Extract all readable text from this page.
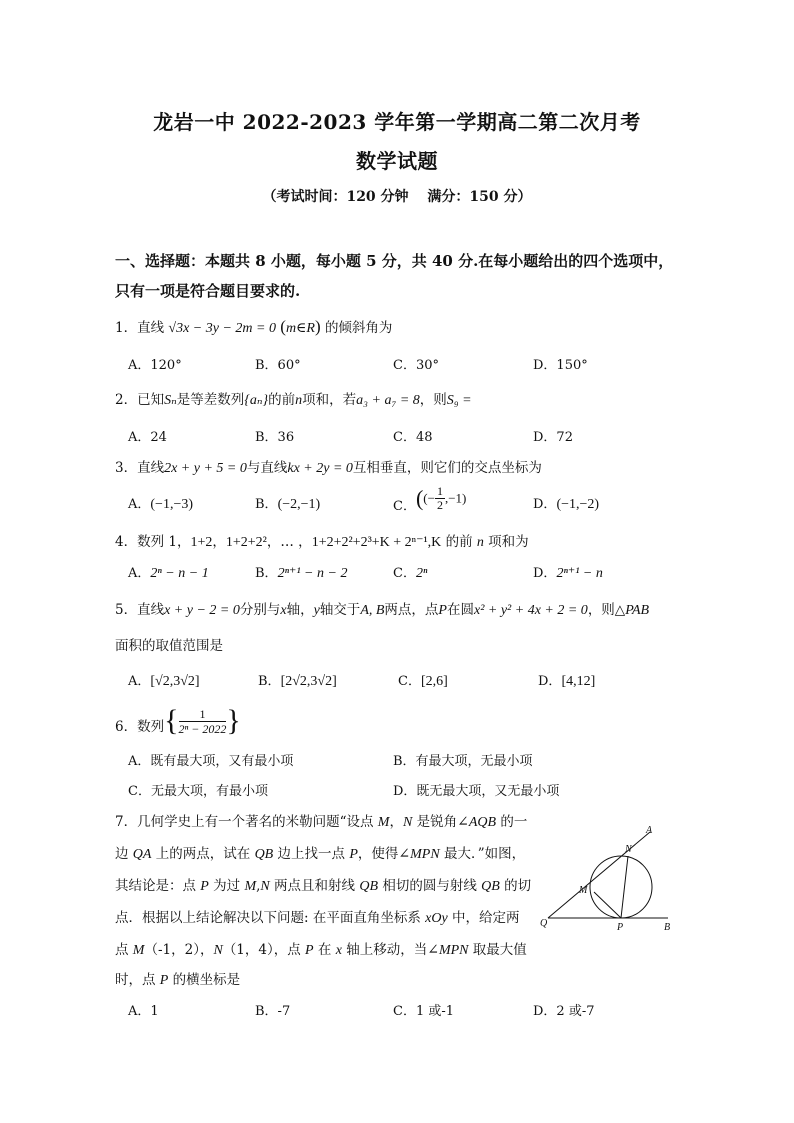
龙岩一中 2022-2023 学年第一学期高二第二次月考
数学试题
（考试时间：120 分钟　 满分：150 分）
一、选择题：本题共 8 小题，每小题 5 分，共 40 分.在每小题给出的四个选项中，
只有一项是符合题目要求的.
1．直线 √3x − 3y − 2m = 0 (m∈R) 的倾斜角为
A．120°	B．60°	C．30°	D．150°
2．已知Sₙ是等差数列{aₙ}的前n项和，若a₃ + a₇ = 8，则S₉ =
A．24	B．36	C．48	D．72
3．直线2x + y + 5 = 0与直线kx + 2y = 0互相垂直，则它们的交点坐标为
A．(−1,−3)	B．(−2,−1)	C．((− $\frac{1}{2} ,-1$)	D．(−1,−2)
4．数列 1，1+2，1+2+2²，… ，1+2+2²+2³+K + 2ⁿ⁻¹,K 的前 n 项和为
A．2ⁿ − n − 1	B．2ⁿ⁺¹ − n − 2	C．2ⁿ	D．2ⁿ⁺¹ − n
5．直线x + y − 2 = 0分别与x轴，y轴交于A, B两点，点P在圆x² + y² + 4x + 2 = 0，则△PAB
面积的取值范围是
A．[√2,3√2]	B．[2√2,3√2]	C．[2,6]	D．[4,12]
6．数列{ $\frac{1}{\text{2ⁿ − 2022}}$ }
A．既有最大项，又有最小项	B．有最大项，无最小项
C．无最大项，有最小项	D．既无最大项，又无最小项
7．几何学史上有一个著名的米勒问题“设点 M，N 是锐角∠AQB 的一
边 QA 上的两点，试在 QB 边上找一点 P，使得∠MPN 最大．”如图，
其结论是：点 P 为过 M,N 两点且和射线 QB 相切的圆与射线 QB 的切
点．根据以上结论解决以下问题: 在平面直角坐标系 xOy 中，给定两
点 M（-1，2），N（1，4），点 P 在 x 轴上移动，当∠MPN 取最大值
时，点 P 的横坐标是
A．1	B．-7	C．1 或-1	D．2 或-7
A
N
M
Q	P	B
